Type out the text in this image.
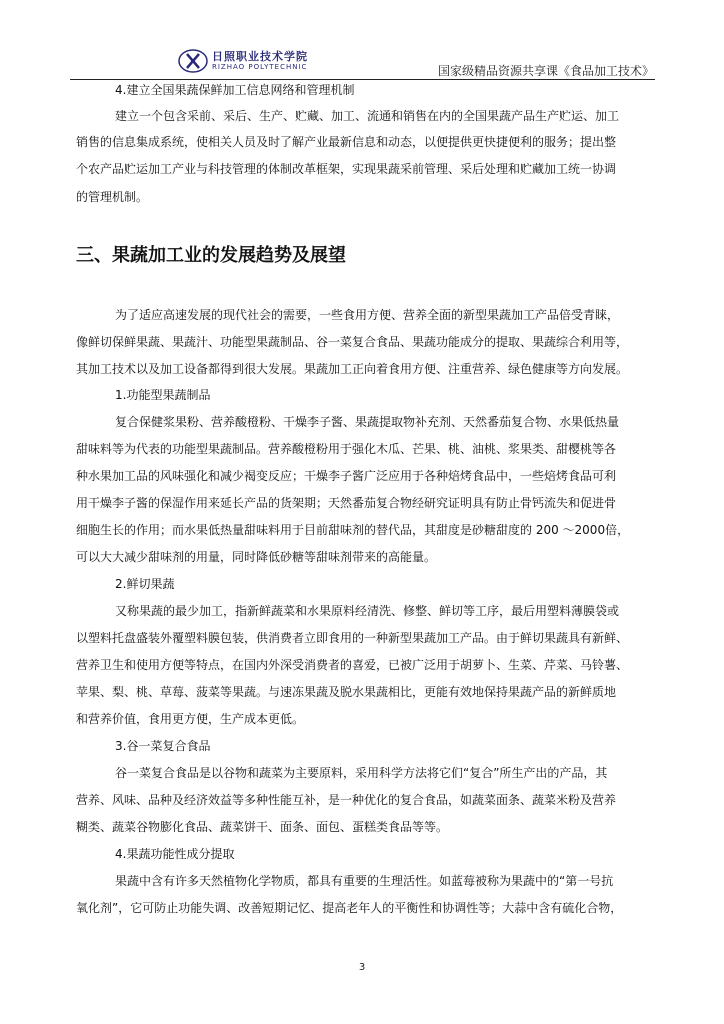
日照职业技术学院
RIZHAO POLYTECHNIC	国家级精品资源共享课《食品加工技术》
4.建立全国果蔬保鲜加工信息网络和管理机制
建立一个包含采前、采后、生产、贮藏、加工、流通和销售在内的全国果蔬产品生产贮运、加工
销售的信息集成系统，使相关人员及时了解产业最新信息和动态，以便提供更快捷便利的服务；提出整
个农产品贮运加工产业与科技管理的体制改革框架，实现果蔬采前管理、采后处理和贮藏加工统一协调
的管理机制。
三、果蔬加工业的发展趋势及展望
为了适应高速发展的现代社会的需要，一些食用方便、营养全面的新型果蔬加工产品倍受青睐，
像鲜切保鲜果蔬、果蔬汁、功能型果蔬制品、谷一菜复合食品、果蔬功能成分的提取、果蔬综合利用等，
其加工技术以及加工设备都得到很大发展。果蔬加工正向着食用方便、注重营养、绿色健康等方向发展。
1.功能型果蔬制品
复合保健浆果粉、营养酸橙粉、干燥李子酱、果蔬提取物补充剂、天然番茄复合物、水果低热量
甜味料等为代表的功能型果蔬制品。营养酸橙粉用于强化木瓜、芒果、桃、油桃、浆果类、甜樱桃等各
种水果加工品的风味强化和减少褐变反应；干燥李子酱广泛应用于各种焙烤食品中，一些焙烤食品可利
用干燥李子酱的保湿作用来延长产品的货架期；天然番茄复合物经研究证明具有防止骨钙流失和促进骨
细胞生长的作用；而水果低热量甜味料用于目前甜味剂的替代品，其甜度是砂糖甜度的 200 ～2000倍，
可以大大减少甜味剂的用量，同时降低砂糖等甜味剂带来的高能量。
2.鲜切果蔬
又称果蔬的最少加工，指新鲜蔬菜和水果原料经清洗、修整、鲜切等工序，最后用塑料薄膜袋或
以塑料托盘盛装外覆塑料膜包装，供消费者立即食用的一种新型果蔬加工产品。由于鲜切果蔬具有新鲜、
营养卫生和使用方便等特点，在国内外深受消费者的喜爱，已被广泛用于胡萝卜、生菜、芹菜、马铃薯、
苹果、梨、桃、草莓、菠菜等果蔬。与速冻果蔬及脱水果蔬相比，更能有效地保持果蔬产品的新鲜质地
和营养价值，食用更方便，生产成本更低。
3.谷一菜复合食品
谷一菜复合食品是以谷物和蔬菜为主要原料，采用科学方法将它们“复合”所生产出的产品，其
营养、风味、品种及经济效益等多种性能互补，是一种优化的复合食品，如蔬菜面条、蔬菜米粉及营养
糊类、蔬菜谷物膨化食品、蔬菜饼干、面条、面包、蛋糕类食品等等。
4.果蔬功能性成分提取
果蔬中含有许多天然植物化学物质，都具有重要的生理活性。如蓝莓被称为果蔬中的“第一号抗
氧化剂”，它可防止功能失调、改善短期记忆、提高老年人的平衡性和协调性等；大蒜中含有硫化合物，
3
